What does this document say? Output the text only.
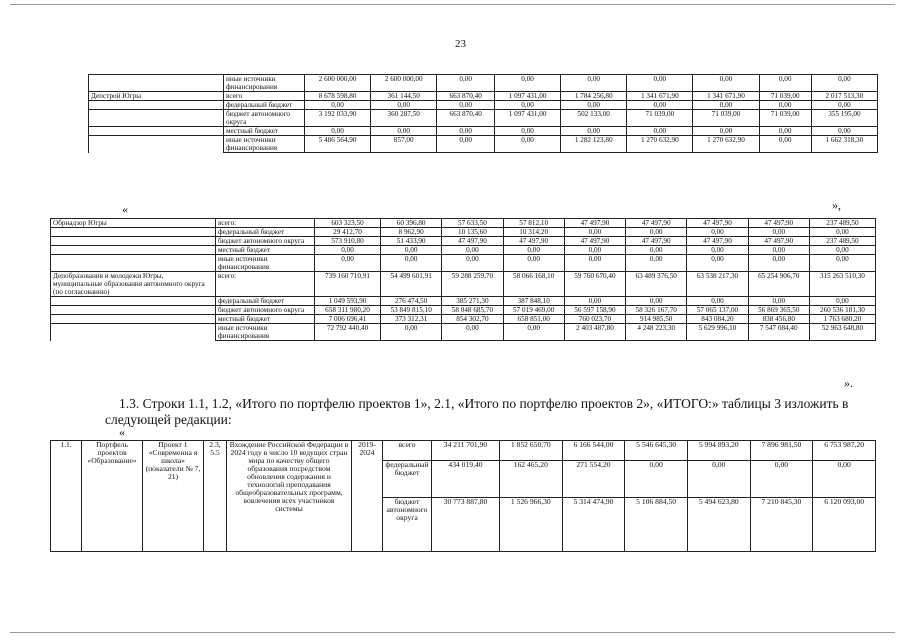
23
	иные источники финансирования	2 600 000,00	2 600 000,00	0,00	0,00	0,00	0,00	0,00	0,00	0,00
Депстрой Югры	всего	8 678 598,80	361 144,50	663 870,40	1 097 431,00	1 784 256,80	1 341 671,90	1 341 671,90	71 039,00	2 017 513,30
	федеральный бюджет	0,00	0,00	0,00	0,00	0,00	0,00	0,00	0,00	0,00
	бюджет автономного округа	3 192 033,90	360 287,50	663 870,40	1 097 431,00	502 133,00	71 039,00	71 039,00	71 039,00	355 195,00
	местный бюджет	0,00	0,00	0,00	0,00	0,00	0,00	0,00	0,00	0,00
	иные источники финансирования	5 486 564,90	857,00	0,00	0,00	1 282 123,80	1 270 632,90	1 270 632,90	0,00	1 662 318,30
«	»,
Обрнадзор Югры	всего:	603 323,50	60 396,80	57 633,50	57 812,10	47 497,90	47 497,90	47 497,90	47 497,90	237 489,50
	федеральный бюджет	29 412,70	8 962,90	10 135,60	10 314,20	0,00	0,00	0,00	0,00	0,00
	бюджет автономного округа	573 910,80	51 433,90	47 497,90	47 497,90	47 497,90	47 497,90	47 497,90	47 497,90	237 489,50
	местный бюджет	0,00	0,00	0,00	0,00	0,00	0,00	0,00	0,00	0,00
	иные источники финансирования	0,00	0,00	0,00	0,00	0,00	0,00	0,00	0,00	0,00
Депобразования и молодежи Югры, муниципальные образования автономного округа (по согласованию)	всего:	739 160 710,91	54 499 601,91	59 288 259,70	58 066 168,10	59 760 670,40	63 489 376,50	63 538 217,30	65 254 906,70	315 263 510,30
	федеральный бюджет	1 049 593,90	276 474,50	385 271,30	387 848,10	0,00	0,00	0,00	0,00	0,00
	бюджет автономного округа	658 311 980,20	53 849 815,10	58 048 685,70	57 019 469,00	56 597 158,90	58 326 167,70	57 065 137,00	56 869 365,50	260 536 181,30
	местный бюджет	7 006 696,41	373 312,31	854 302,70	658 851,00	760 023,70	914 985,50	843 084,20	838 456,80	1 763 680,20
	иные источники финансирования	72 792 440,40	0,00	0,00	0,00	2 403 487,80	4 248 223,30	5 629 996,10	7 547 084,40	52 963 648,80
».
1.3. Строки 1.1, 1.2, «Итого по портфелю проектов 1», 2.1, «Итого по портфелю проектов 2», «ИТОГО:» таблицы 3 изложить в следующей редакции:
«
1.1.	Портфель проектов «Образование»	Проект 1 «Современна я школа» (показатели № 7, 21)	2.3, 5.5	Вхождение Российской Федерации в 2024 году в число 10 ведущих стран мира по качеству общего образования посредством обновления содержания и технологий преподавания общеобразовательных программ, вовлечения всех участников системы	2019-2024	всего	34 211 701,90	1 852 650,70	6 166 544,00	5 546 645,30	5 994 893,20	7 896 981,50	6 753 987,20
						федеральный бюджет	434 019,40	162 465,20	271 554,20	0,00	0,00	0,00	0,00
						бюджет автономного округа	30 773 887,80	1 526 966,30	5 314 474,90	5 106 884,50	5 494 623,80	7 210 845,30	6 120 093,00
